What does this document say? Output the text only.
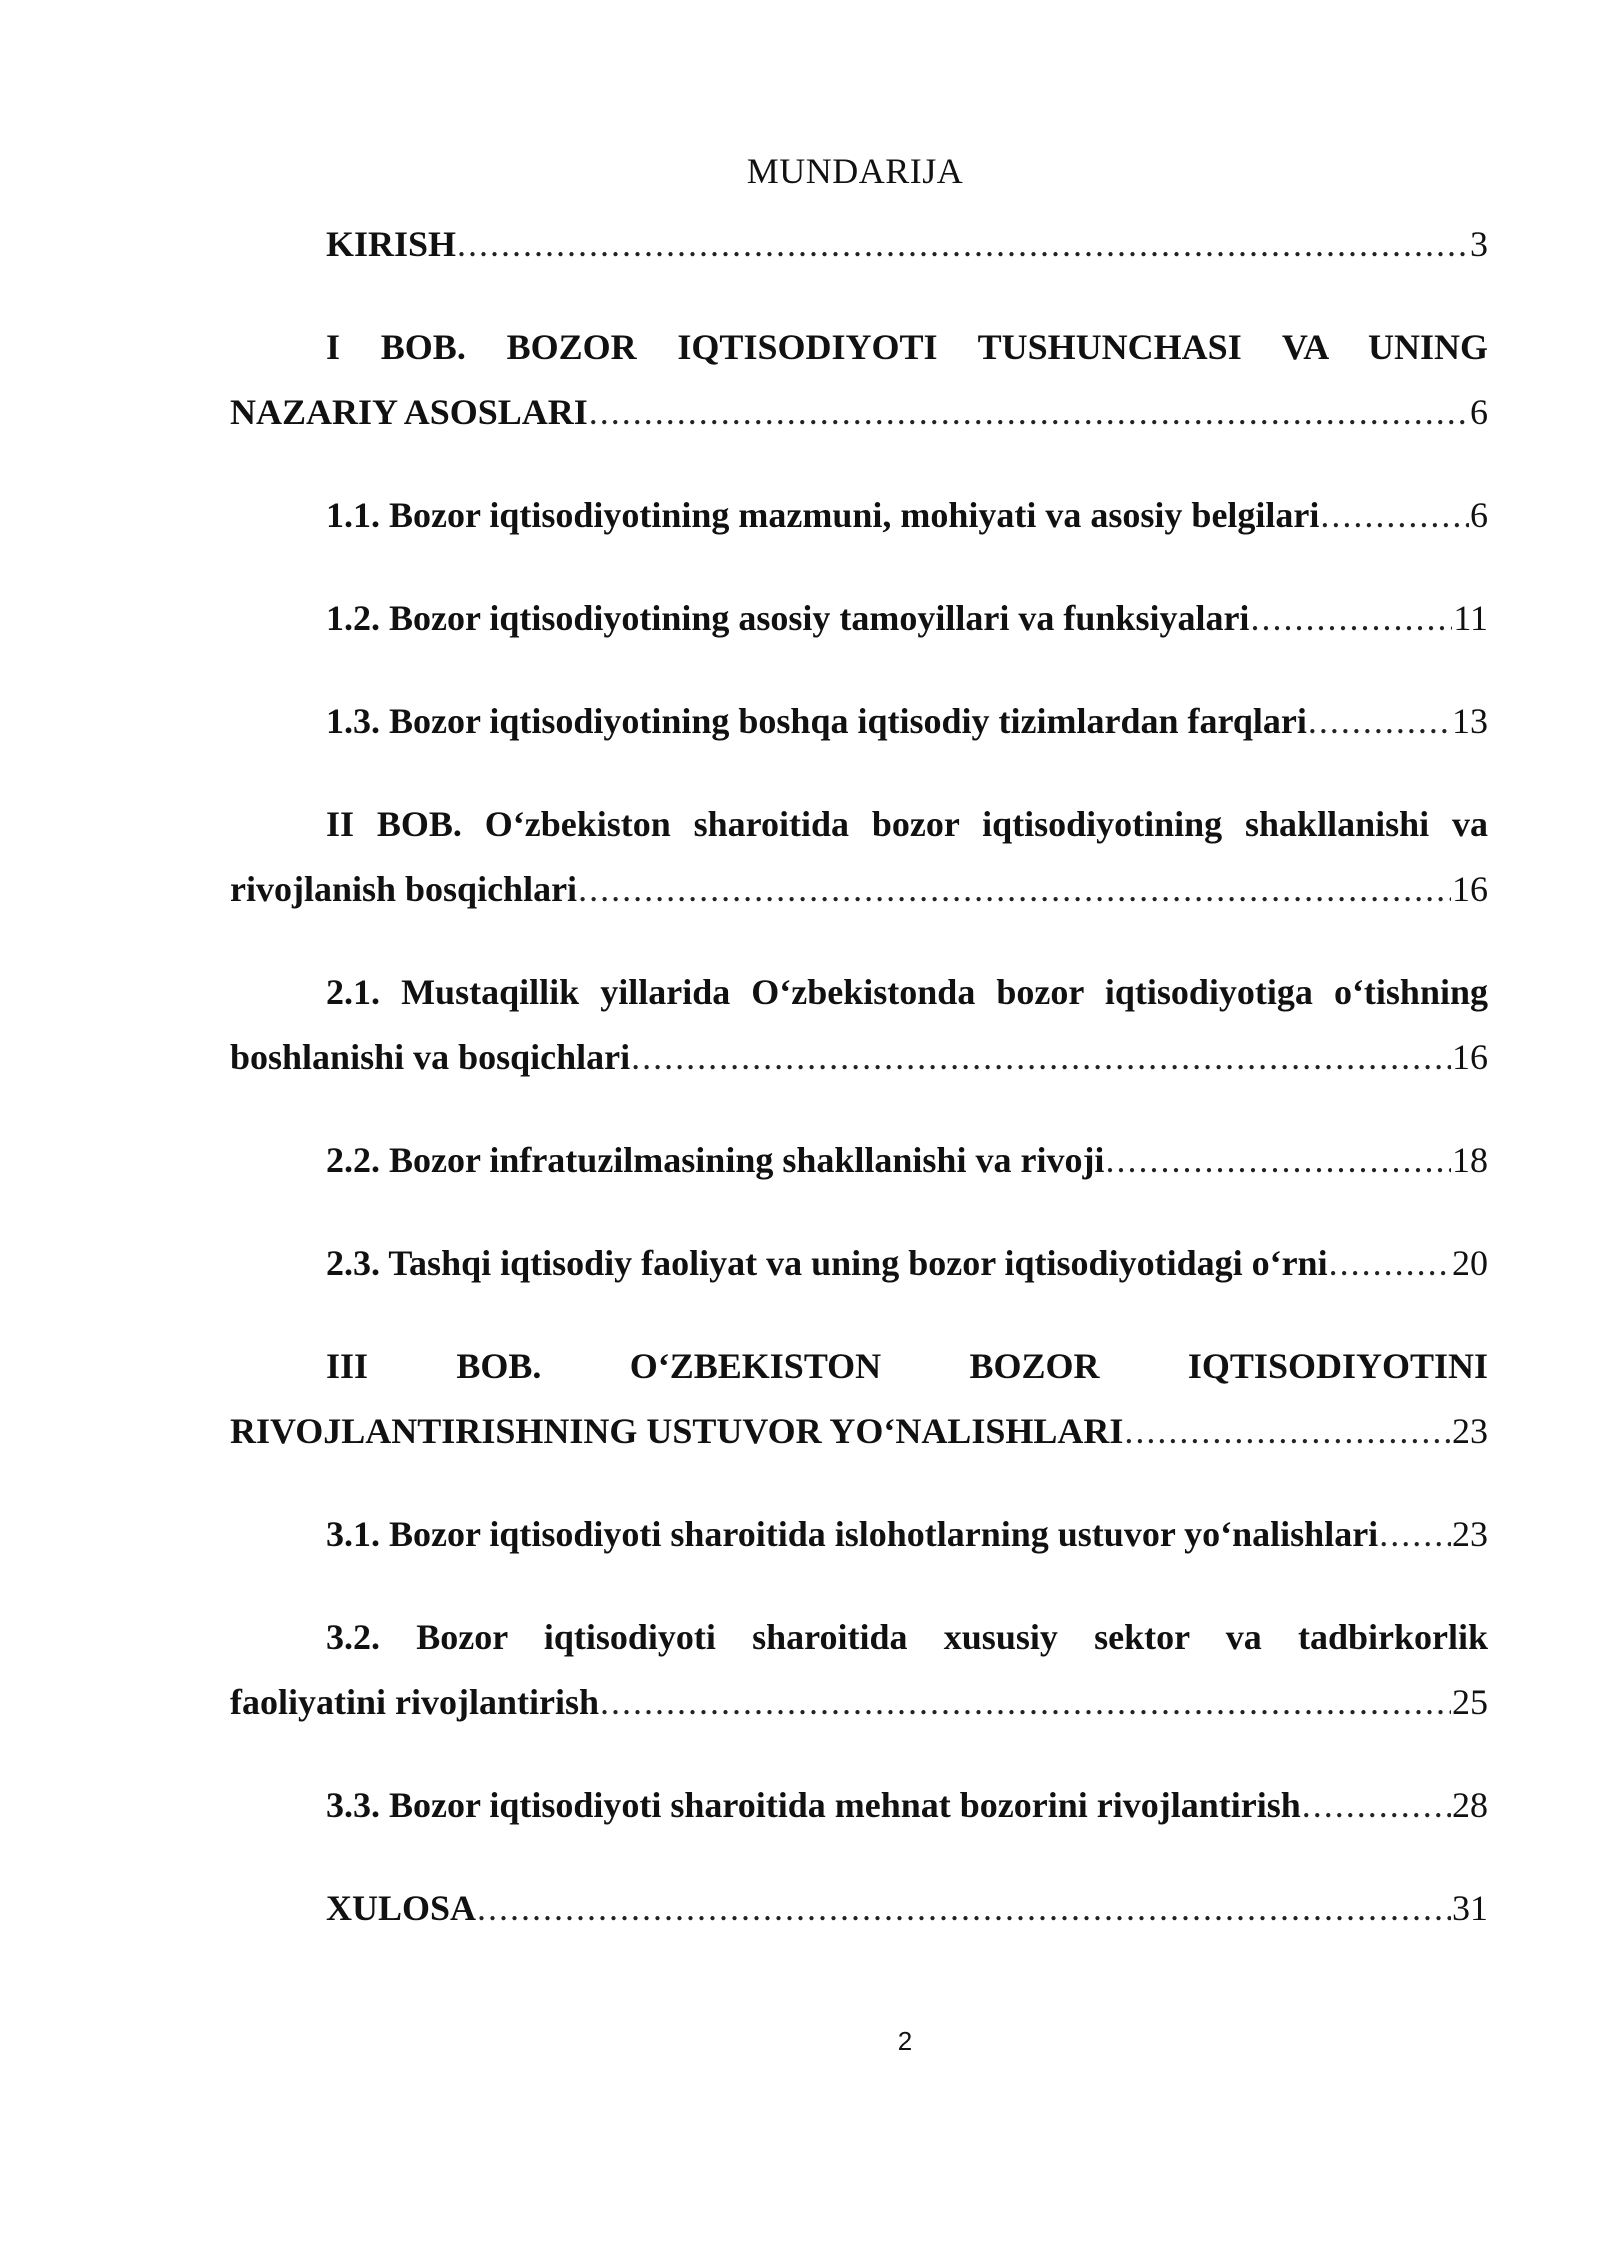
MUNDARIJA
KIRISH .....	3
I BOB. BOZOR IQTISODIYOTI TUSHUNCHASI VA UNING
NAZARIY ASOSLARI .....	6
1.1. Bozor iqtisodiyotining mazmuni, mohiyati va asosiy belgilari .....	6
1.2. Bozor iqtisodiyotining asosiy tamoyillari va funksiyalari .....	11
1.3. Bozor iqtisodiyotining boshqa iqtisodiy tizimlardan farqlari .....	13
II BOB. O‘zbekiston sharoitida bozor iqtisodiyotining shakllanishi va
rivojlanish bosqichlari .....	16
2.1. Mustaqillik yillarida O‘zbekistonda bozor iqtisodiyotiga o‘tishning
boshlanishi va bosqichlari .....	16
2.2. Bozor infratuzilmasining shakllanishi va rivoji .....	18
2.3. Tashqi iqtisodiy faoliyat va uning bozor iqtisodiyotidagi o‘rni .....	20
III BOB. O‘ZBEKISTON BOZOR IQTISODIYOTINI
RIVOJLANTIRISHNING USTUVOR YO‘NALISHLARI .....	23
3.1. Bozor iqtisodiyoti sharoitida islohotlarning ustuvor yo‘nalishlari ..... 23
3.2. Bozor iqtisodiyoti sharoitida xususiy sektor va tadbirkorlik
faoliyatini rivojlantirish .....	25
3.3. Bozor iqtisodiyoti sharoitida mehnat bozorini rivojlantirish .....	28
XULOSA .....	31
2
